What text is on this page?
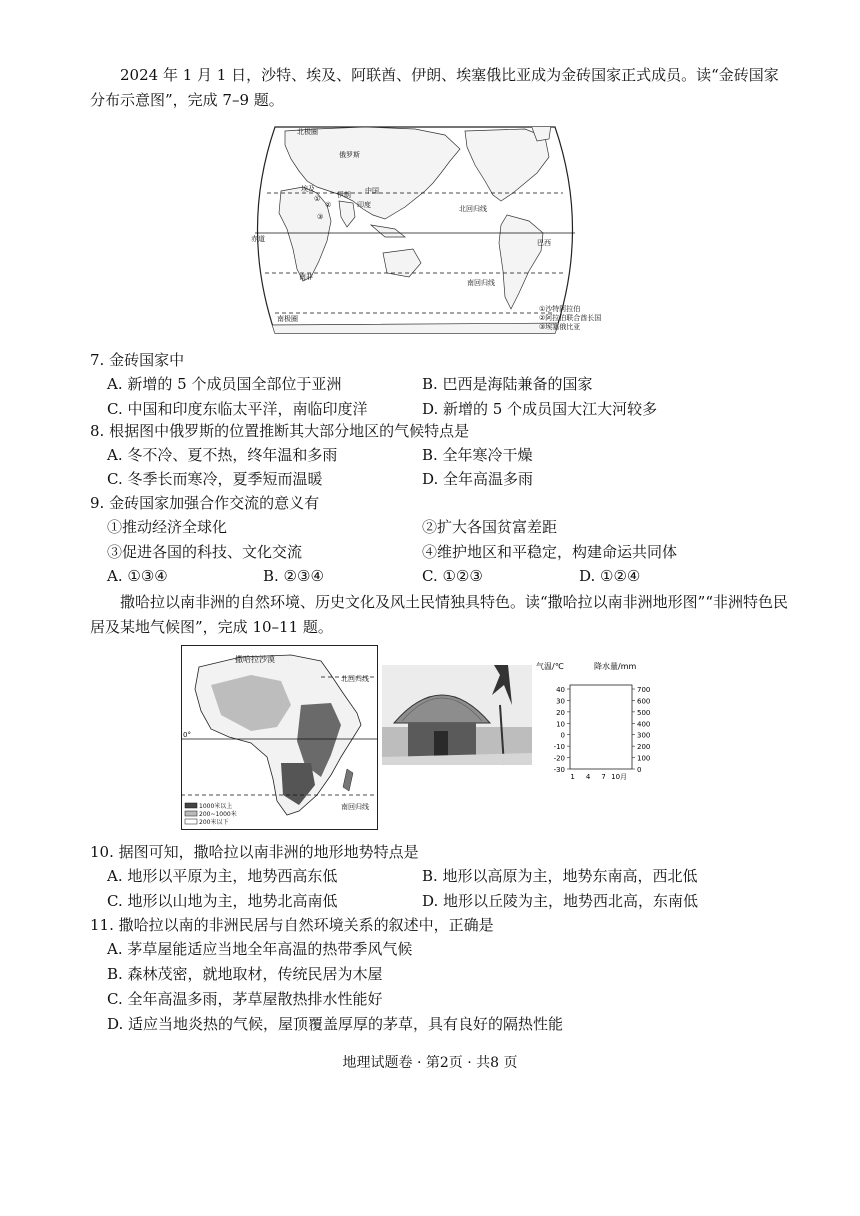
2024 年 1 月 1 日，沙特、埃及、阿联酋、伊朗、埃塞俄比亚成为金砖国家正式成员。读“金砖国家分布示意图”，完成 7–9 题。
北极圈
俄罗斯
中国
伊朗
印度
埃及
①
②
③
北回归线
赤道	巴西
南回归线
南非
南极圈
①沙特阿拉伯
②阿拉伯联合酋长国
③埃塞俄比亚
7. 金砖国家中
A. 新增的 5 个成员国全部位于亚洲	B. 巴西是海陆兼备的国家
C. 中国和印度东临太平洋，南临印度洋	D. 新增的 5 个成员国大江大河较多
8. 根据图中俄罗斯的位置推断其大部分地区的气候特点是
A. 冬不冷、夏不热，终年温和多雨	B. 全年寒冷干燥
C. 冬季长而寒冷，夏季短而温暖	D. 全年高温多雨
9. 金砖国家加强合作交流的意义有
①推动经济全球化	②扩大各国贫富差距
③促进各国的科技、文化交流	④维护地区和平稳定，构建命运共同体
A. ①③④	B. ②③④	C. ①②③	D. ①②④
撒哈拉以南非洲的自然环境、历史文化及风土民情独具特色。读“撒哈拉以南非洲地形图”“非洲特色民居及某地气候图”，完成 10–11 题。
撒哈拉沙漠
北回归线
0°
南回归线
1000米以上
200~1000米
200米以下
气温/℃	降水量/mm
40
30
20
10
0
-10
-20
-30
700
600
500
400
300
200
100
0
1 4 7 10月
10. 据图可知，撒哈拉以南非洲的地形地势特点是
A. 地形以平原为主，地势西高东低	B. 地形以高原为主，地势东南高，西北低
C. 地形以山地为主，地势北高南低	D. 地形以丘陵为主，地势西北高，东南低
11. 撒哈拉以南的非洲民居与自然环境关系的叙述中，正确是
A. 茅草屋能适应当地全年高温的热带季风气候
B. 森林茂密，就地取材，传统民居为木屋
C. 全年高温多雨，茅草屋散热排水性能好
D. 适应当地炎热的气候，屋顶覆盖厚厚的茅草，具有良好的隔热性能
地理试题卷 · 第2页 · 共8 页
